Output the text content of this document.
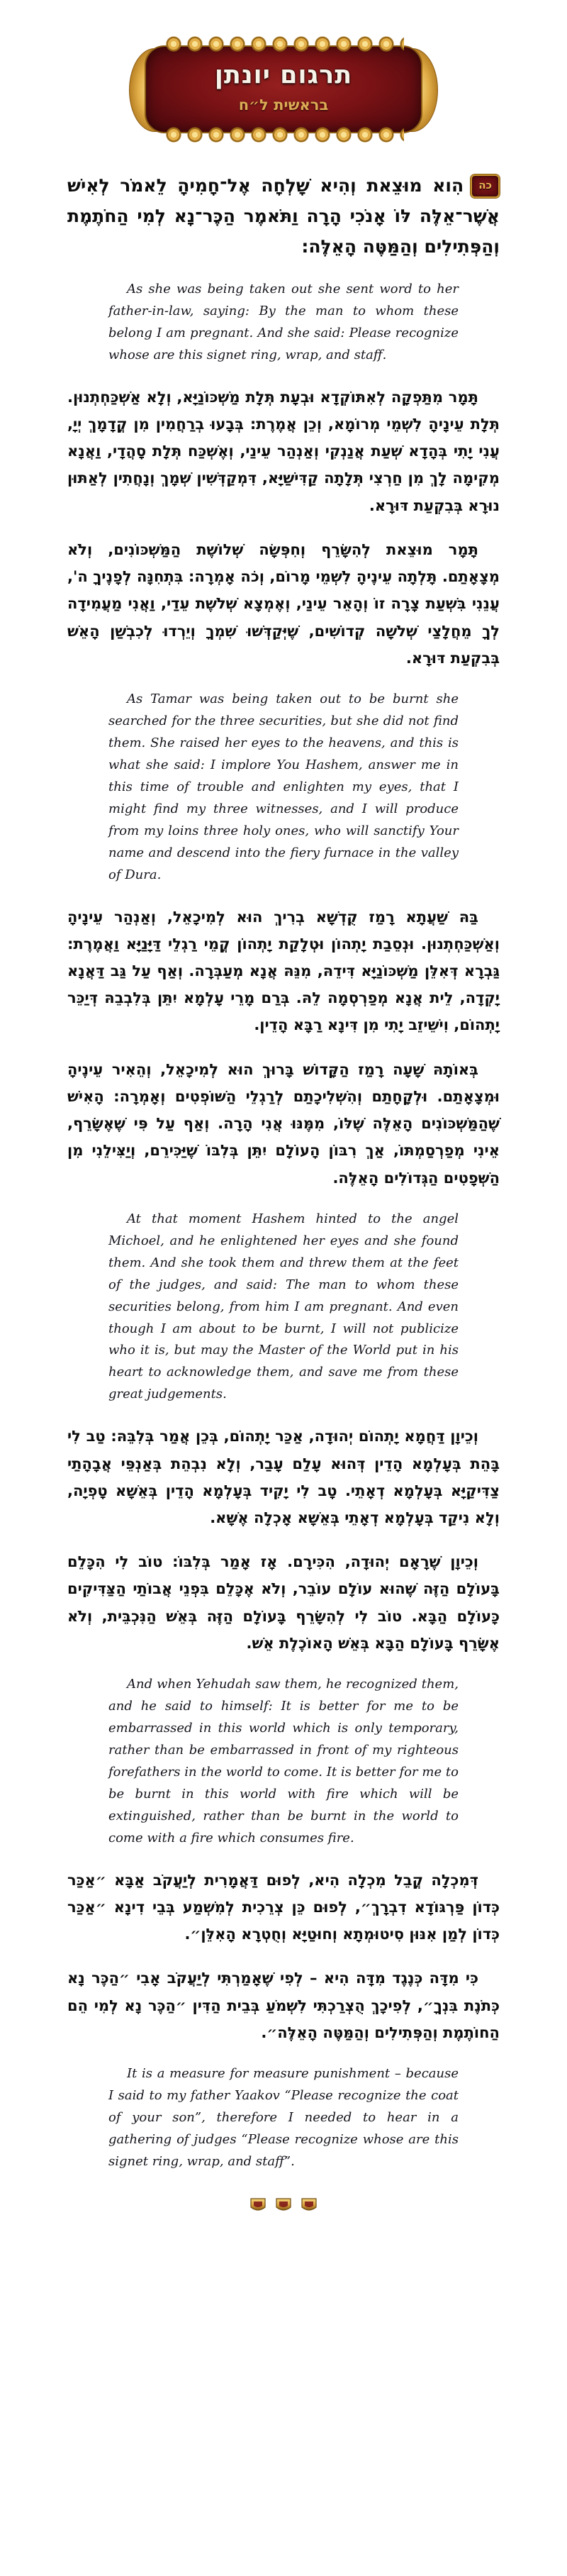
תרגום יונתן
בראשית ל״ח
כההִוא מוּצֵאת וְהִיא שָׁלְחָה אֶל־חָמִיהָ לֵאמֹר לְאִישׁ אֲשֶׁר־אֵלֶּה לּוֹ אָנֹכִי הָרָה וַתֹּאמֶר הַכֶּר־נָא לְמִי הַחֹתֶמֶת וְהַפְּתִילִים וְהַמַּטֶּה הָאֵלֶּה:

As she was being taken out she sent word to her father-in-law, saying: By the man to whom these belong I am pregnant. And she said: Please recognize whose are this signet ring, wrap, and staff.

תָּמָר מִתַּפְקָה לְאִתּוֹקְדָא וּבְעָת תְּלָת מַשְׁכּוֹנַיָּא, וְלָא אַשְׁכַּחְתְנוּן. תְּלָת עֵינָיהָ לִשְׁמֵי מְרוֹמָא, וְכֵן אֲמֶרֶת: בְּבָעוּ בְרַחֲמִין מִן קֳדָמָךְ יְיָ, עֲנִי יָתִי בְּהָדָא שְׁעַת אֲנַנְקִי וְאַנְהַר עֵינַי, וְאֶשְׁכַּח תְּלָת סָהֲדָי, וַאֲנָא מְקִימָה לָךְ מִן חַרְצִי תְּלָתָה קַדִּישַׁיָּא, דִּמְקַדְּשִׁין שְׁמָךְ וְנָחֲתִין לְאַתּוּן נוּרָא בְּבִקְעַת דּוּרָא.

תָּמָר מוּצֵאת לְהִשָּׂרֵף וְחִפְּשָׂה שְׁלוֹשֶׁת הַמַּשְׁכּוֹנִים, וְלֹא מְצָאָתַם. תָּלְתָה עֵינֶיהָ לִשְׁמֵי מָרוֹם, וְכֹה אָמְרָה: בִּתְחִנָּה לְפָנֶיךָ ה', עֲנֵנִי בִּשְׁעַת צָרָה זוֹ וְהָאֵר עֵינַי, וְאֶמְצָא שְׁלֹשֶׁת עֵדַי, וַאֲנִי מַעֲמִידָה לְךָ מֵחֲלָצַי שְׁלֹשָׁה קְדוֹשִׁים, שֶׁיְּקַדְּשׁוּ שִׁמְךָ וְיֵרְדוּ לְכִבְשַׁן הָאֵשׁ בְּבִקְעַת דּוּרָא.

As Tamar was being taken out to be burnt she searched for the three securities, but she did not find them. She raised her eyes to the heavens, and this is what she said: I implore You Hashem, answer me in this time of trouble and enlighten my eyes, that I might find my three witnesses, and I will produce from my loins three holy ones, who will sanctify Your name and descend into the fiery furnace in the valley of Dura.

בַּהּ שַׁעֲתָא רָמַז קֻדְשָׁא בְרִיךְ הוּא לְמִיכָאֵל, וְאַנְהַר עֵינָיהָ וְאַשְׁכַּחְתְנוּן. וּנְסֵבַת יָתְהוֹן וּטְלָקַת יָתְהוֹן קֳמֵי רַגְלֵי דַּיָּנַיָּא וַאֲמֶרֶת: גַּבְרָא דְּאִלֵּן מַשְׁכּוֹנַיָּא דִּידֵהּ, מִנֵּהּ אֲנָא מְעַבְּרָה. וְאַף עַל גַּב דַּאֲנָא יָקְדָה, לֵית אֲנָא מְפַרְסְמָה לֵהּ. בְּרַם מָרֵי עָלְמָא יִתֵּן בְּלִבְבֵהּ דְּיַכֵּר יָתְהוֹם, וִישֵׁיזֵב יָתִי מִן דִּינָא רַבָּא הָדֵין.

בְּאוֹתָהּ שָׁעָה רָמַז הַקָּדוֹשׁ בָּרוּךְ הוּא לְמִיכָאֵל, וְהֵאִיר עֵינֶיהָ וּמְצָאָתַם. וּלְקָחָתַם וְהִשְׁלִיכָתַם לְרַגְלֵי הַשּׁוֹפְטִים וְאָמְרָה: הָאִישׁ שֶׁהַמַּשְׁכּוֹנִים הָאֵלֶּה שֶׁלּוֹ, מִמֶּנּוּ אֲנִי הָרָה. וְאַף עַל פִּי שֶׁאֶשָּׂרֵף, אֵינִי מְפַרְסַמְתּוֹ, אַךְ רִבּוֹן הָעוֹלָם יִתֵּן בְּלִבּוֹ שֶׁיַּכִּירֵם, וְיַצִּילֵנִי מִן הַשְּׁפָטִים הַגְּדוֹלִים הָאֵלֶּה.

At that moment Hashem hinted to the angel Michoel, and he enlightened her eyes and she found them. And she took them and threw them at the feet of the judges, and said: The man to whom these securities belong, from him I am pregnant. And even though I am about to be burnt, I will not publicize who it is, but may the Master of the World put in his heart to acknowledge them, and save me from these great judgements.

וְכֵיוָן דַּחֲמָא יָתְהוֹם יְהוּדָה, אַכַּר יָתְהוֹם, בְּכֵן אֲמַר בְּלִבֵּהּ: טַב לִי בָּהֵת בְּעָלְמָא הָדֵין דְּהוּא עָלַם עָבַר, וְלָא נִבְהֵת בְּאַנְפֵּי אֲבָהָתַי צַדִּיקַיָּא בְּעָלְמָא דְאָתֵי. טָב לִי יָקִיד בְּעָלְמָא הָדֵין בְּאֵשָׁא טָפְיָה, וְלָא נִיקַד בְּעָלְמָא דְאָתֵי בְּאֵשָׁא אָכְלָה אֶשָּׁא.

וְכֵיוָן שֶׁרָאָם יְהוּדָה, הִכִּירָם. אָז אָמַר בְּלִבּוֹ: טוֹב לִי הִכָּלֵם בָּעוֹלָם הַזֶּה שֶׁהוּא עוֹלָם עוֹבֵר, וְלֹא אֶכָּלֵם בִּפְנֵי אֲבוֹתַי הַצַּדִּיקִים כָּעוֹלָם הַבָּא. טוֹב לִי לְהִשָּׂרֵף בָּעוֹלָם הַזֶּה בְּאֵשׁ הַנִּכְבֵּית, וְלֹא אֶשָּׂרֵף בָּעוֹלָם הַבָּא בְּאֵשׁ הָאוֹכֶלֶת אֵשׁ.

And when Yehudah saw them, he recognized them, and he said to himself: It is better for me to be embarrassed in this world which is only temporary, rather than be embarrassed in front of my righteous forefathers in the world to come. It is better for me to be burnt in this world with fire which will be extinguished, rather than be burnt in the world to come with a fire which consumes fire.

דְּמִכְלָה קֳבֵל מִכְלָה הִיא, לְפוּם דַּאֲמָרִית לְיַעֲקֹב אַבָּא ״אַכַּר כְּדוֹן פַּרְגּוֹדָא דִבְרָךְ״, לְפוּם כֵּן צְרֵכִית לְמִשְׁמַע בְּבֵי דִינָא ״אַכַּר כְּדוֹן לְמַן אִנּוּן סִיטוּמְתָא וְחוּטַיָּא וְחֻטְרָא הָאִלֵּן״.

כִּי מִדָּה כְּנֶגֶד מִדָּה הִיא – לְפִי שֶׁאָמַרְתִּי לְיַעֲקֹב אָבִי ״הַכֶּר נָא כְּתֹנֶת בִּנְךָ״, לְפִיכָךְ הֻצְרַכְתִּי לִשְׁמֹעַ בְּבֵית הַדִּין ״הַכֶּר נָא לְמִי הֵם הַחוֹתֶמֶת וְהַפְּתִילִים וְהַמַּטֶּה הָאֵלֶּה״.

It is a measure for measure punishment – because I said to my father Yaakov “Please recognize the coat of your son”, therefore I needed to hear in a gathering of judges “Please recognize whose are this signet ring, wrap, and staff”.
